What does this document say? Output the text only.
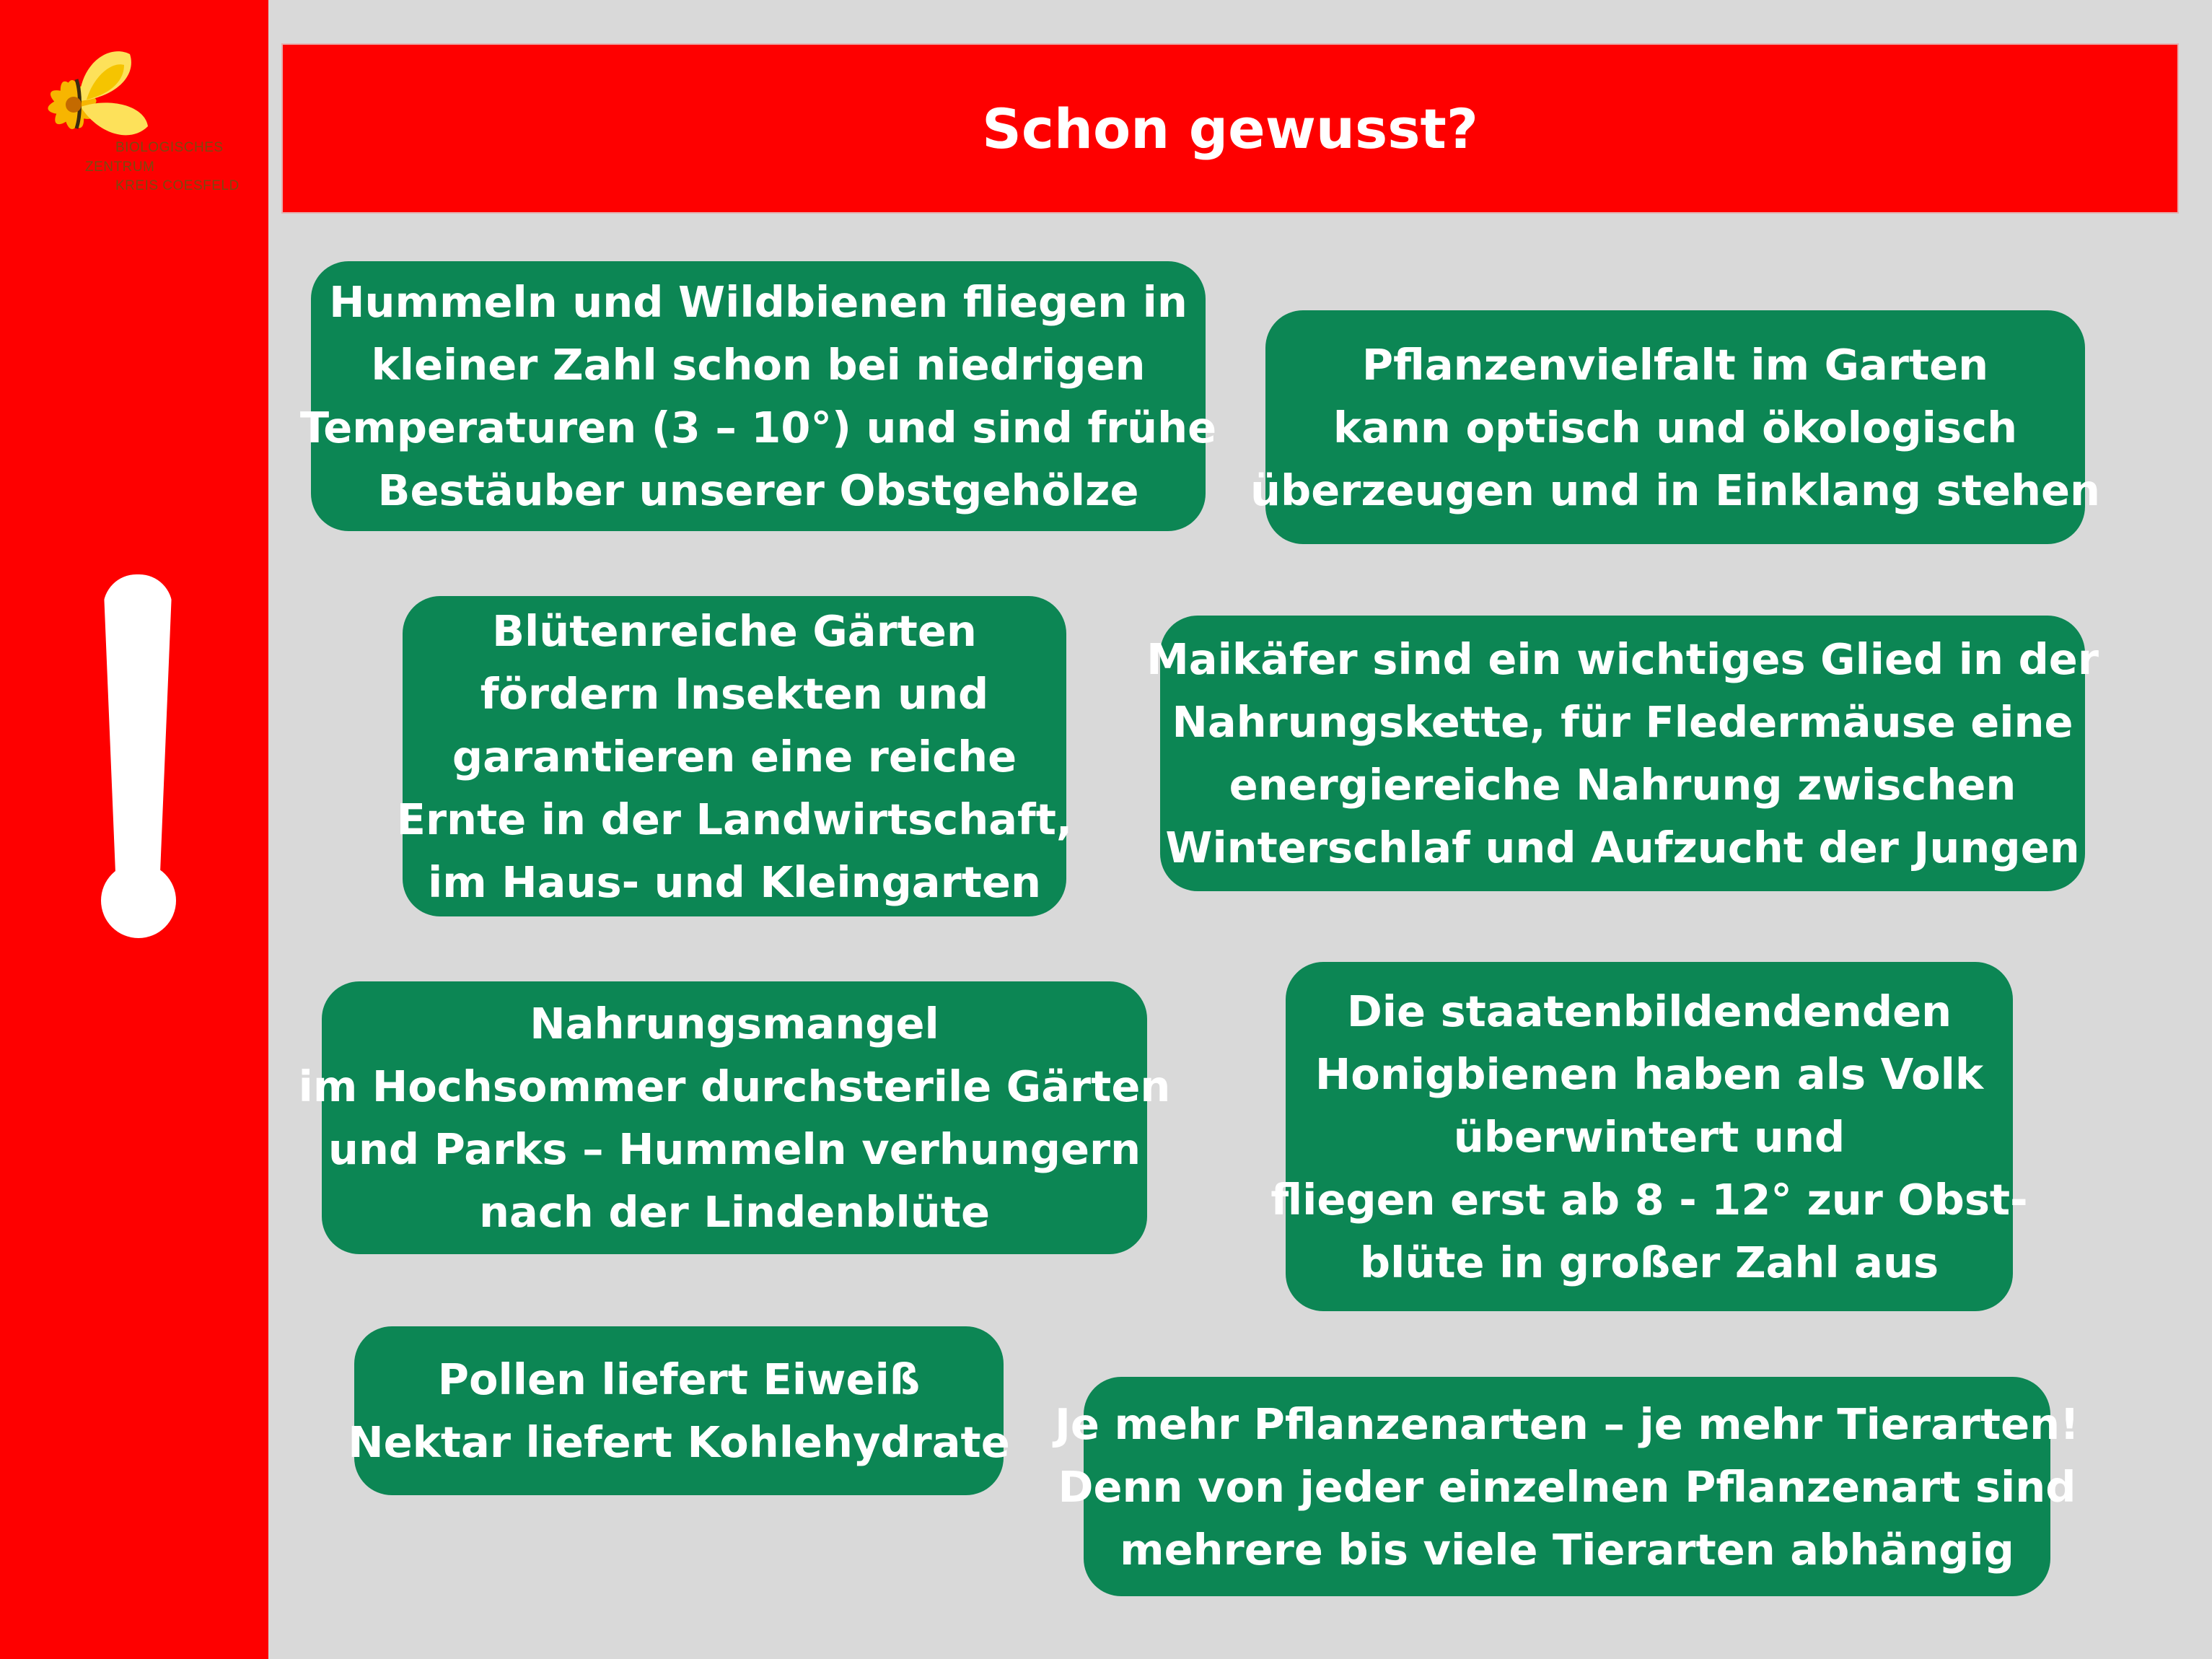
BIOLOGISCHES
ZENTRUM
KREIS COESFELD
Schon gewusst?
Hummeln und Wildbienen fliegen in
kleiner Zahl schon bei niedrigen
Temperaturen (3 – 10°) und sind frühe
Bestäuber unserer Obstgehölze
Pflanzenvielfalt im Garten
kann optisch und ökologisch
überzeugen und in Einklang stehen
Blütenreiche Gärten
fördern Insekten und
garantieren eine reiche
Ernte in der Landwirtschaft,
im Haus- und Kleingarten
Maikäfer sind ein wichtiges Glied in der
Nahrungskette, für Fledermäuse eine
energiereiche Nahrung zwischen
Winterschlaf und Aufzucht der Jungen
Nahrungsmangel
im Hochsommer durchsterile Gärten
und Parks – Hummeln verhungern
nach der Lindenblüte
Die staatenbildendenden
Honigbienen haben als Volk
überwintert und
fliegen erst ab 8 - 12° zur Obst-
blüte in großer Zahl aus
Pollen liefert Eiweiß
Nektar liefert Kohlehydrate Je mehr Pflanzenarten – je mehr Tierarten!
Denn von jeder einzelnen Pflanzenart sind
mehrere bis viele Tierarten abhängig
